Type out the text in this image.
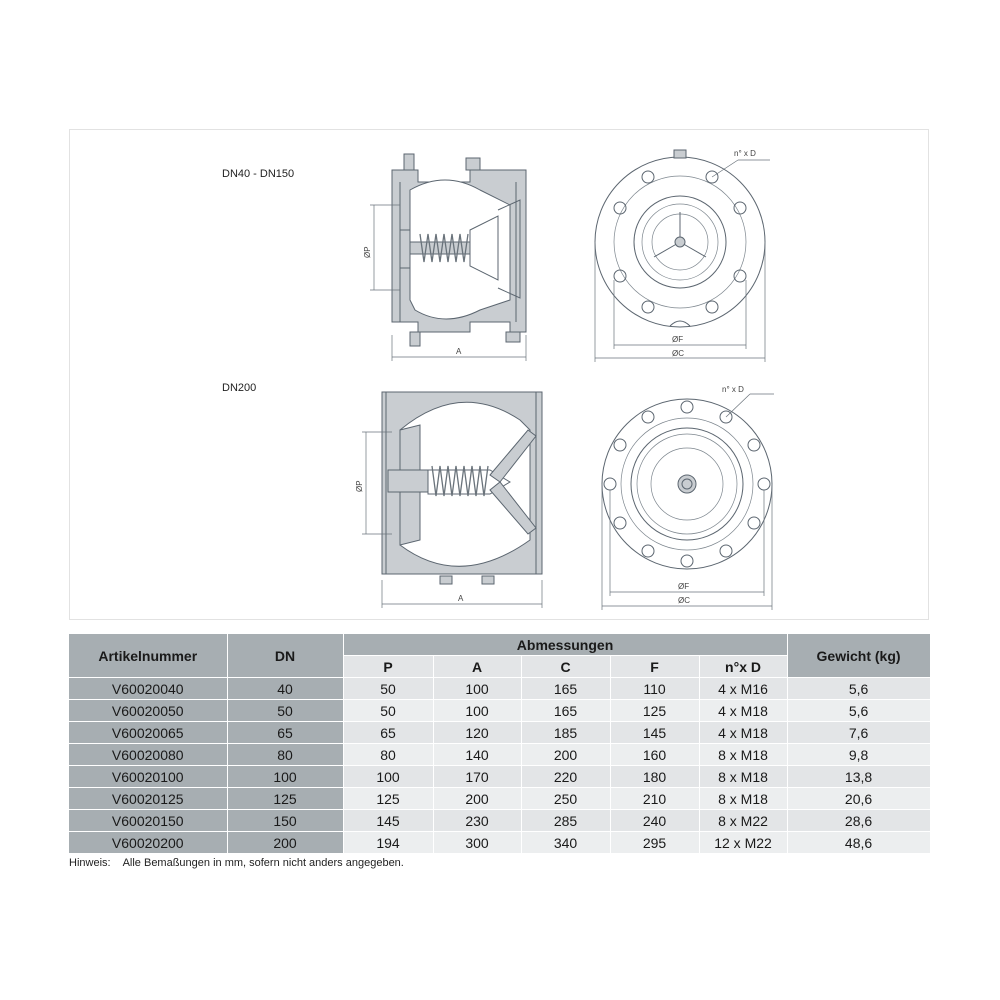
DN40 - DN150
DN200
A
ØP
n° x D
ØF
ØC
A
ØP
n° x D
ØF
ØC
Artikelnummer	DN	Abmessungen					Gewicht (kg)
		P	A	C	F	n°x D	
V60020040	40	50	100	165	110	4 x M16	5,6
V60020050	50	50	100	165	125	4 x M18	5,6
V60020065	65	65	120	185	145	4 x M18	7,6
V60020080	80	80	140	200	160	8 x M18	9,8
V60020100	100	100	170	220	180	8 x M18	13,8
V60020125	125	125	200	250	210	8 x M18	20,6
V60020150	150	145	230	285	240	8 x M22	28,6
V60020200	200	194	300	340	295	12 x M22	48,6
Hinweis: Alle Bemaßungen in mm, sofern nicht anders angegeben.
